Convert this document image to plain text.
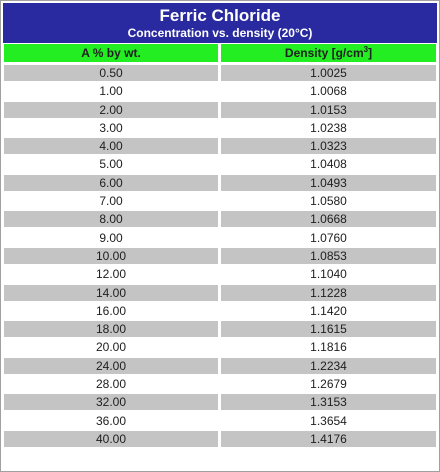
Ferric Chloride
Concentration vs. density (20°C)
A % by wt.	Density $[g/cm^3]$
0.50	1.0025
1.00	1.0068
2.00	1.0153
3.00	1.0238
4.00	1.0323
5.00	1.0408
6.00	1.0493
7.00	1.0580
8.00	1.0668
9.00	1.0760
10.00	1.0853
12.00	1.1040
14.00	1.1228
16.00	1.1420
18.00	1.1615
20.00	1.1816
24.00	1.2234
28.00	1.2679
32.00	1.3153
36.00	1.3654
40.00	1.4176
